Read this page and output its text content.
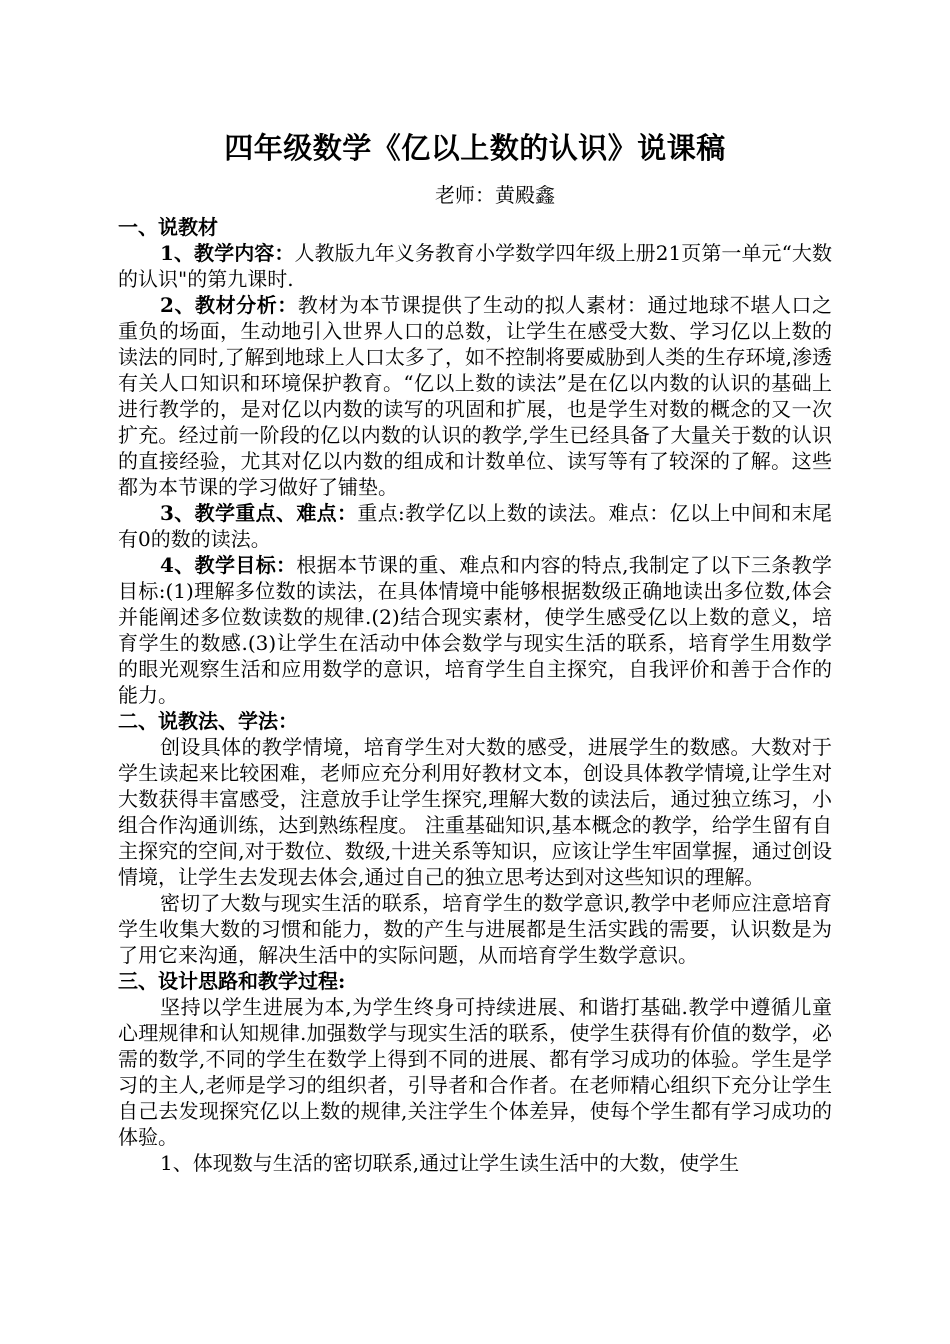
四年级数学《亿以上数的认识》说课稿

老师：黄殿鑫

一、说教材

1、教学内容：人教版九年义务教育小学数学四年级上册21页第一单元“大数的认识"的第九课时.

2、教材分析：教材为本节课提供了生动的拟人素材：通过地球不堪人口之重负的场面，生动地引入世界人口的总数，让学生在感受大数、学习亿以上数的读法的同时,了解到地球上人口太多了，如不控制将要威胁到人类的生存环境,渗透有关人口知识和环境保护教育。“亿以上数的读法”是在亿以内数的认识的基础上进行教学的，是对亿以内数的读写的巩固和扩展，也是学生对数的概念的又一次扩充。经过前一阶段的亿以内数的认识的教学,学生已经具备了大量关于数的认识的直接经验，尤其对亿以内数的组成和计数单位、读写等有了较深的了解。这些都为本节课的学习做好了铺垫。

3、教学重点、难点：重点:教学亿以上数的读法。难点：亿以上中间和末尾有0的数的读法。

4、教学目标：根据本节课的重、难点和内容的特点,我制定了以下三条教学目标:(1)理解多位数的读法，在具体情境中能够根据数级正确地读出多位数,体会并能阐述多位数读数的规律.(2)结合现实素材，使学生感受亿以上数的意义，培育学生的数感.(3)让学生在活动中体会数学与现实生活的联系，培育学生用数学的眼光观察生活和应用数学的意识，培育学生自主探究，自我评价和善于合作的能力。

二、说教法、学法：

创设具体的教学情境，培育学生对大数的感受，进展学生的数感。大数对于学生读起来比较困难，老师应充分利用好教材文本，创设具体教学情境,让学生对大数获得丰富感受，注意放手让学生探究,理解大数的读法后，通过独立练习，小组合作沟通训练，达到熟练程度。 注重基础知识,基本概念的教学，给学生留有自主探究的空间,对于数位、数级,十进关系等知识，应该让学生牢固掌握，通过创设情境，让学生去发现去体会,通过自己的独立思考达到对这些知识的理解。

密切了大数与现实生活的联系，培育学生的数学意识,教学中老师应注意培育学生收集大数的习惯和能力，数的产生与进展都是生活实践的需要，认识数是为了用它来沟通，解决生活中的实际问题，从而培育学生数学意识。

三、设计思路和教学过程:

坚持以学生进展为本,为学生终身可持续进展、和谐打基础.教学中遵循儿童心理规律和认知规律.加强数学与现实生活的联系，使学生获得有价值的数学，必需的数学,不同的学生在数学上得到不同的进展、都有学习成功的体验。学生是学习的主人,老师是学习的组织者，引导者和合作者。在老师精心组织下充分让学生自己去发现探究亿以上数的规律,关注学生个体差异，使每个学生都有学习成功的体验。

1、体现数与生活的密切联系,通过让学生读生活中的大数，使学生
